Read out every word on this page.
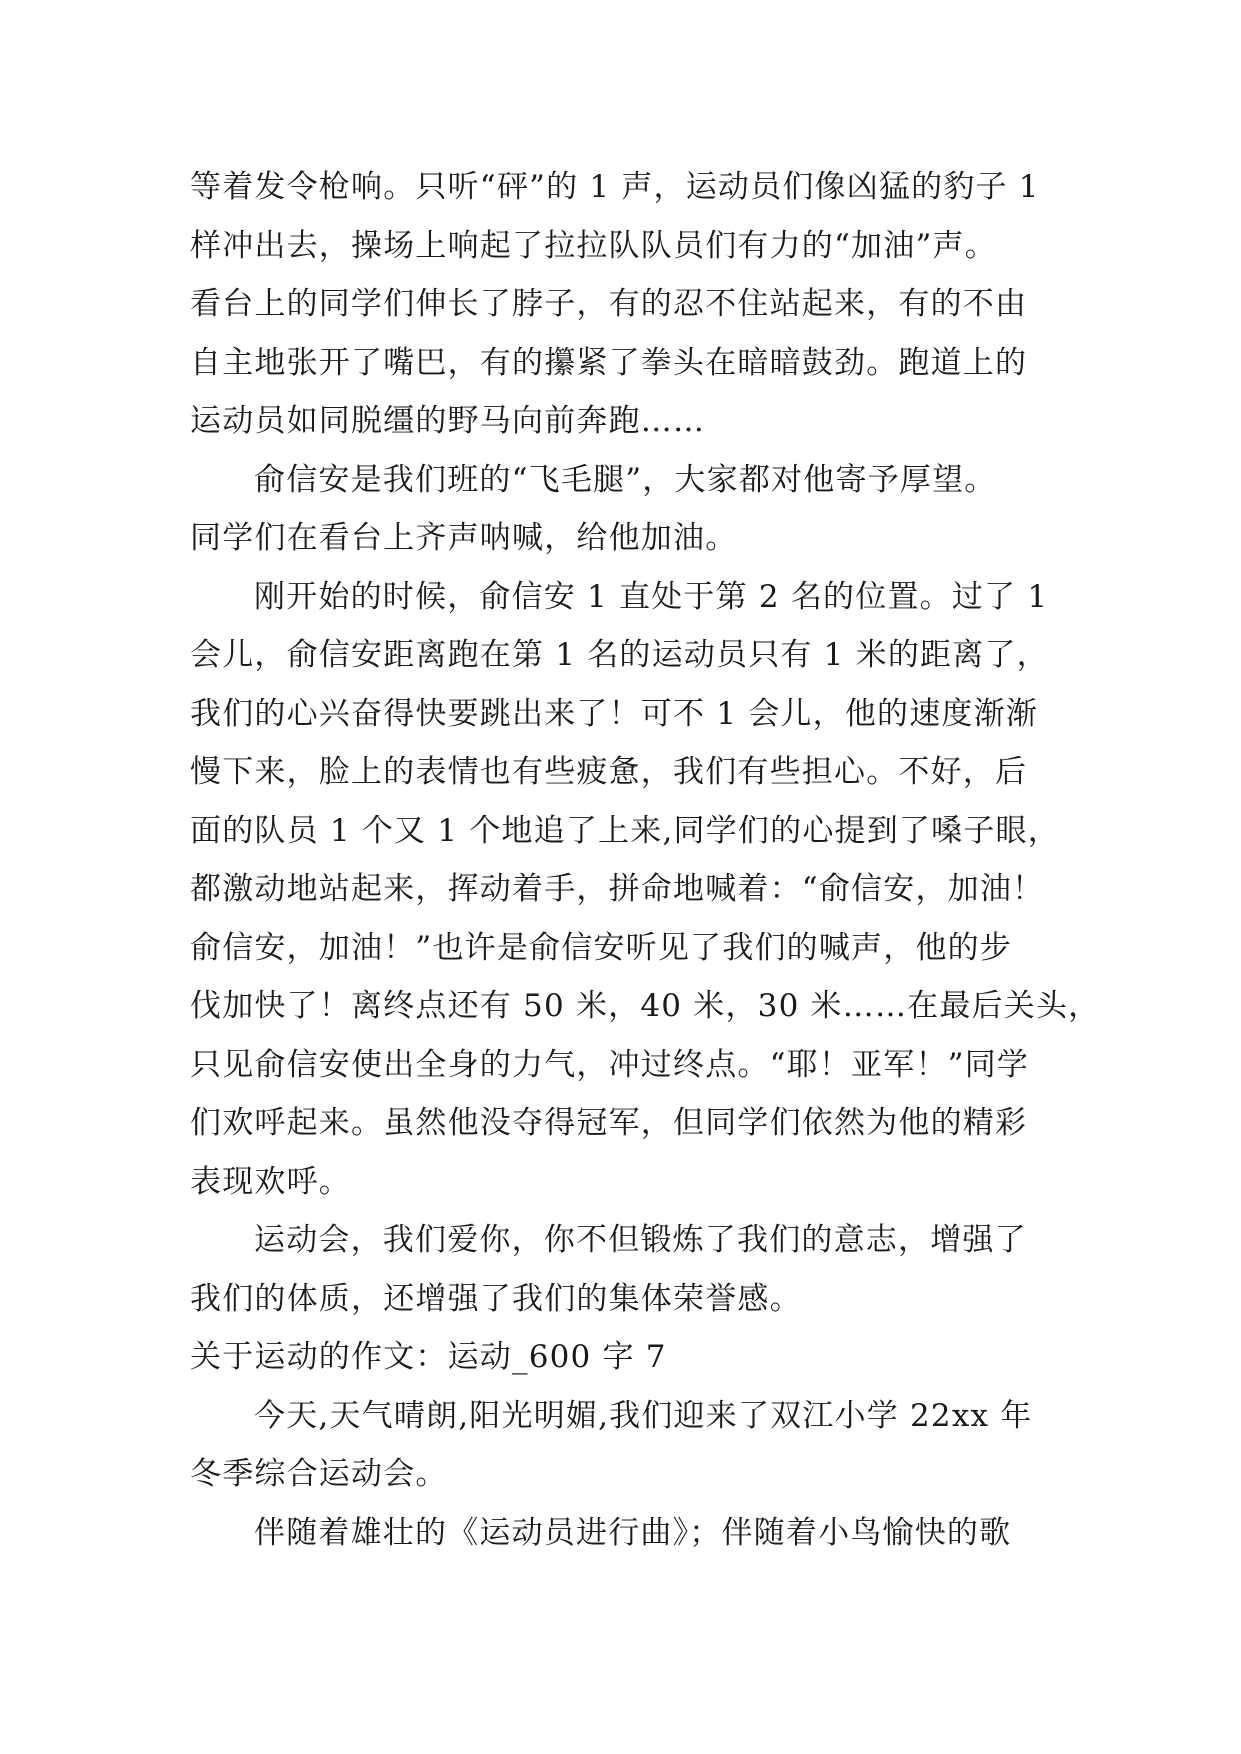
等着发令枪响。只听“砰”的 1 声，运动员们像凶猛的豹子 1
样冲出去，操场上响起了拉拉队队员们有力的“加油”声。
看台上的同学们伸长了脖子，有的忍不住站起来，有的不由
自主地张开了嘴巴，有的攥紧了拳头在暗暗鼓劲。跑道上的
运动员如同脱缰的野马向前奔跑……
俞信安是我们班的“飞毛腿”，大家都对他寄予厚望。
同学们在看台上齐声呐喊，给他加油。
刚开始的时候，俞信安 1 直处于第 2 名的位置。过了 1
会儿，俞信安距离跑在第 1 名的运动员只有 1 米的距离了，
我们的心兴奋得快要跳出来了！可不 1 会儿，他的速度渐渐
慢下来，脸上的表情也有些疲惫，我们有些担心。不好，后
面的队员 1 个又 1 个地追了上来,同学们的心提到了嗓子眼，
都激动地站起来，挥动着手，拼命地喊着：“俞信安，加油！
俞信安，加油！”也许是俞信安听见了我们的喊声，他的步
伐加快了！离终点还有 50 米，40 米，30 米……在最后关头，
只见俞信安使出全身的力气，冲过终点。“耶！亚军！”同学
们欢呼起来。虽然他没夺得冠军，但同学们依然为他的精彩
表现欢呼。
运动会，我们爱你，你不但锻炼了我们的意志，增强了
我们的体质，还增强了我们的集体荣誉感。
关于运动的作文：运动_600 字 7
今天,天气晴朗,阳光明媚,我们迎来了双江小学 22xx 年
冬季综合运动会。
伴随着雄壮的《运动员进行曲》；伴随着小鸟愉快的歌
